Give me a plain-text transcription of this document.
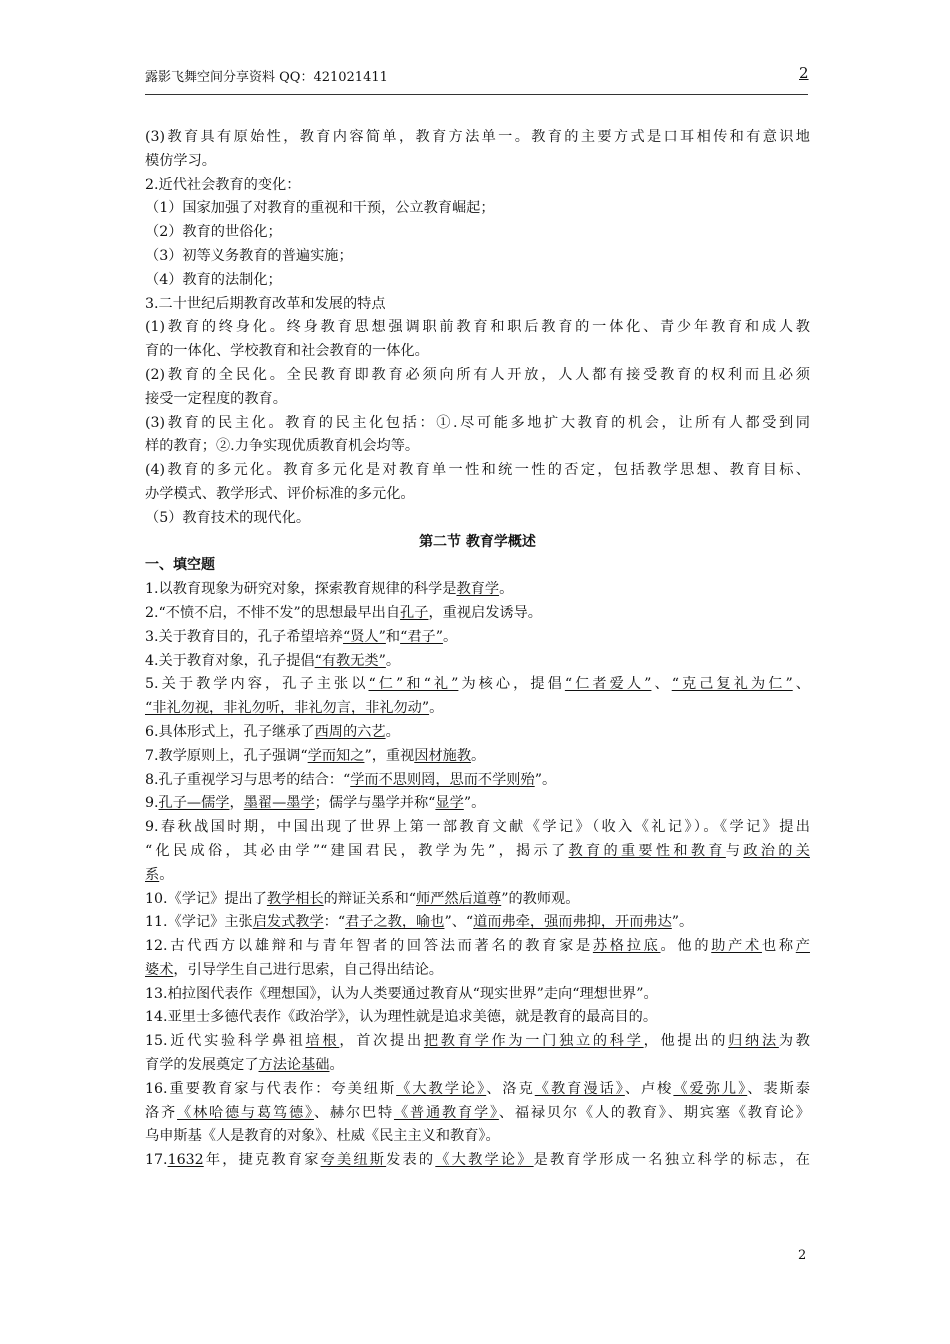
露影飞舞空间分享资料 QQ：421021411	2
(3)教育具有原始性，教育内容简单，教育方法单一。教育的主要方式是口耳相传和有意识地
模仿学习。
2.近代社会教育的变化：
（1）国家加强了对教育的重视和干预，公立教育崛起；
（2）教育的世俗化；
（3）初等义务教育的普遍实施；
（4）教育的法制化；
3.二十世纪后期教育改革和发展的特点
(1)教育的终身化。终身教育思想强调职前教育和职后教育的一体化、青少年教育和成人教
育的一体化、学校教育和社会教育的一体化。
(2)教育的全民化。全民教育即教育必须向所有人开放，人人都有接受教育的权利而且必须
接受一定程度的教育。
(3)教育的民主化。教育的民主化包括：①.尽可能多地扩大教育的机会，让所有人都受到同
样的教育；②.力争实现优质教育机会均等。
(4)教育的多元化。教育多元化是对教育单一性和统一性的否定，包括教学思想、教育目标、
办学模式、教学形式、评价标准的多元化。
（5）教育技术的现代化。
第二节 教育学概述
一、填空题
1.以教育现象为研究对象，探索教育规律的科学是教育学。
2.“不愤不启，不悱不发”的思想最早出自孔子，重视启发诱导。
3.关于教育目的，孔子希望培养“贤人”和“君子”。
4.关于教育对象，孔子提倡“有教无类”。
5.关于教学内容，孔子主张以“仁”和“礼”为核心，提倡“仁者爱人”、“克己复礼为仁”、
“非礼勿视，非礼勿听，非礼勿言，非礼勿动”。
6.具体形式上，孔子继承了西周的六艺。
7.教学原则上，孔子强调“学而知之”，重视因材施教。
8.孔子重视学习与思考的结合：“学而不思则罔，思而不学则殆”。
9.孔子—儒学，墨翟—墨学；儒学与墨学并称“显学”。
9.春秋战国时期，中国出现了世界上第一部教育文献《学记》（收入《礼记》）。《学记》提出
“化民成俗，其必由学”“建国君民，教学为先”，揭示了教育的重要性和教育与政治的关
系。
10.《学记》提出了教学相长的辩证关系和“师严然后道尊”的教师观。
11.《学记》主张启发式教学：“君子之教，喻也”、“道而弗牵，强而弗抑，开而弗达”。
12.古代西方以雄辩和与青年智者的回答法而著名的教育家是苏格拉底。他的助产术也称产
婆术，引导学生自己进行思索，自己得出结论。
13.柏拉图代表作《理想国》，认为人类要通过教育从“现实世界”走向“理想世界”。
14.亚里士多德代表作《政治学》，认为理性就是追求美德，就是教育的最高目的。
15.近代实验科学鼻祖培根，首次提出把教育学作为一门独立的科学，他提出的归纳法为教
育学的发展奠定了方法论基础。
16.重要教育家与代表作：夸美纽斯《大教学论》、洛克《教育漫话》、卢梭《爱弥儿》、裴斯泰
洛齐《林哈德与葛笃德》、赫尔巴特《普通教育学》、福禄贝尔《人的教育》、期宾塞《教育论》
乌申斯基《人是教育的对象》、杜威《民主主义和教育》。
17.1632年，捷克教育家夸美纽斯发表的《大教学论》是教育学形成一名独立科学的标志，在
2
